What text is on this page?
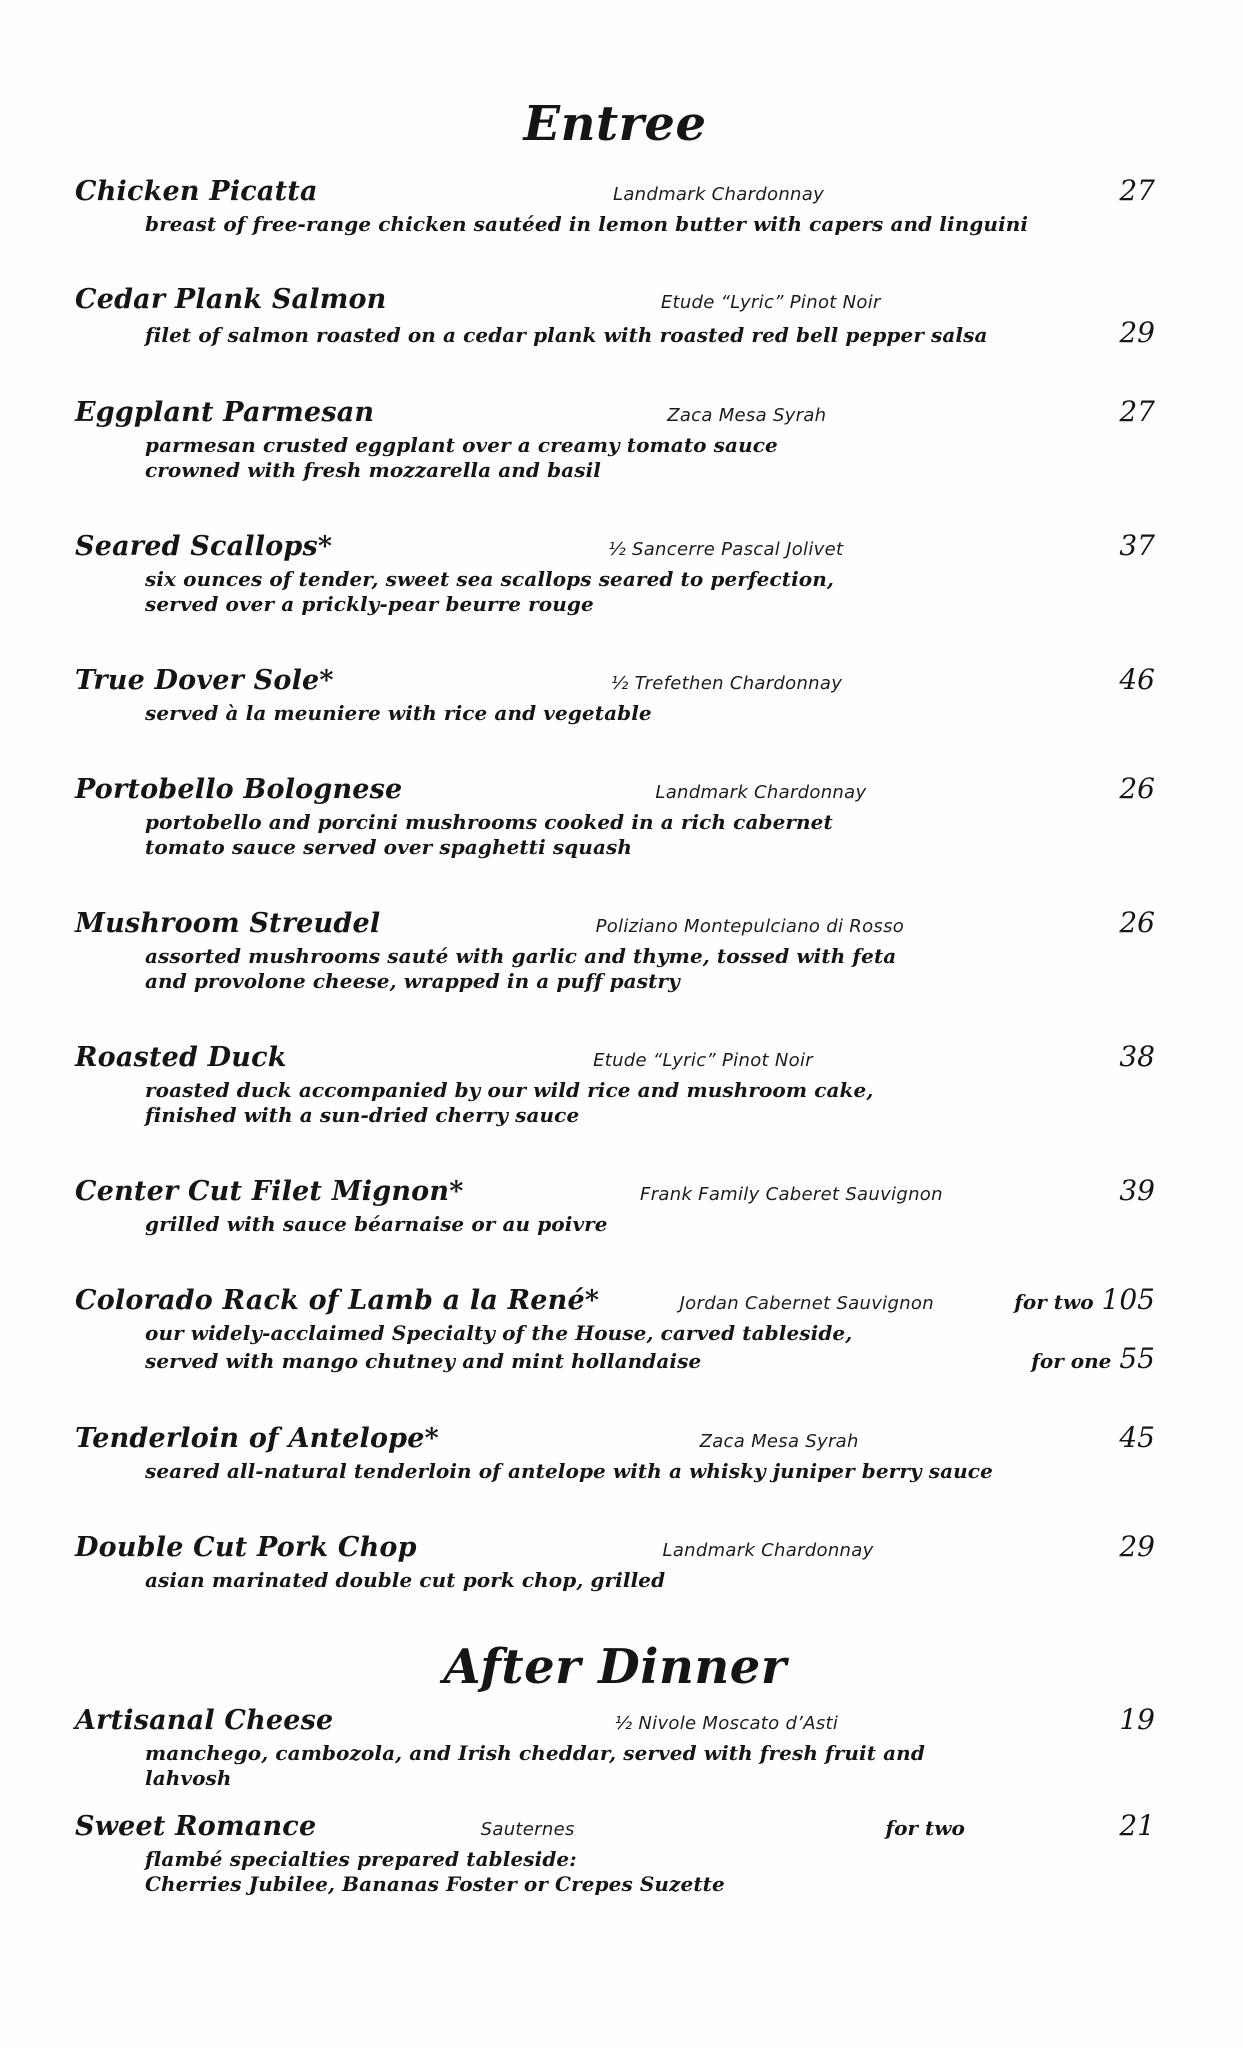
Entree
Chicken Picatta	Landmark Chardonnay	27
breast of free-range chicken sautéed in lemon butter with capers and linguini
Cedar Plank Salmon	Etude “Lyric” Pinot Noir
filet of salmon roasted on a cedar plank with roasted red bell pepper salsa	29
Eggplant Parmesan	Zaca Mesa Syrah	27
parmesan crusted eggplant over a creamy tomato sauce
crowned with fresh mozzarella and basil
Seared Scallops*	½ Sancerre Pascal Jolivet	37
six ounces of tender, sweet sea scallops seared to perfection,
served over a prickly-pear beurre rouge
True Dover Sole*	½ Trefethen Chardonnay	46
served à la meuniere with rice and vegetable
Portobello Bolognese	Landmark Chardonnay	26
portobello and porcini mushrooms cooked in a rich cabernet
tomato sauce served over spaghetti squash
Mushroom Streudel	Poliziano Montepulciano di Rosso	26
assorted mushrooms sauté with garlic and thyme, tossed with feta
and provolone cheese, wrapped in a puff pastry
Roasted Duck	Etude “Lyric” Pinot Noir	38
roasted duck accompanied by our wild rice and mushroom cake,
finished with a sun-dried cherry sauce
Center Cut Filet Mignon*	Frank Family Caberet Sauvignon	39
grilled with sauce béarnaise or au poivre
Colorado Rack of Lamb a la René*	Jordan Cabernet Sauvignon	for two 105
our widely-acclaimed Specialty of the House, carved tableside,
served with mango chutney and mint hollandaise	for one 55
Tenderloin of Antelope*	Zaca Mesa Syrah	45
seared all-natural tenderloin of antelope with a whisky juniper berry sauce
Double Cut Pork Chop	Landmark Chardonnay	29
asian marinated double cut pork chop, grilled
After Dinner
Artisanal Cheese	½ Nivole Moscato d’Asti	19
manchego, cambozola, and Irish cheddar, served with fresh fruit and
lahvosh
Sweet Romance	Sauternes	for two	21
flambé specialties prepared tableside:
Cherries Jubilee, Bananas Foster or Crepes Suzette
